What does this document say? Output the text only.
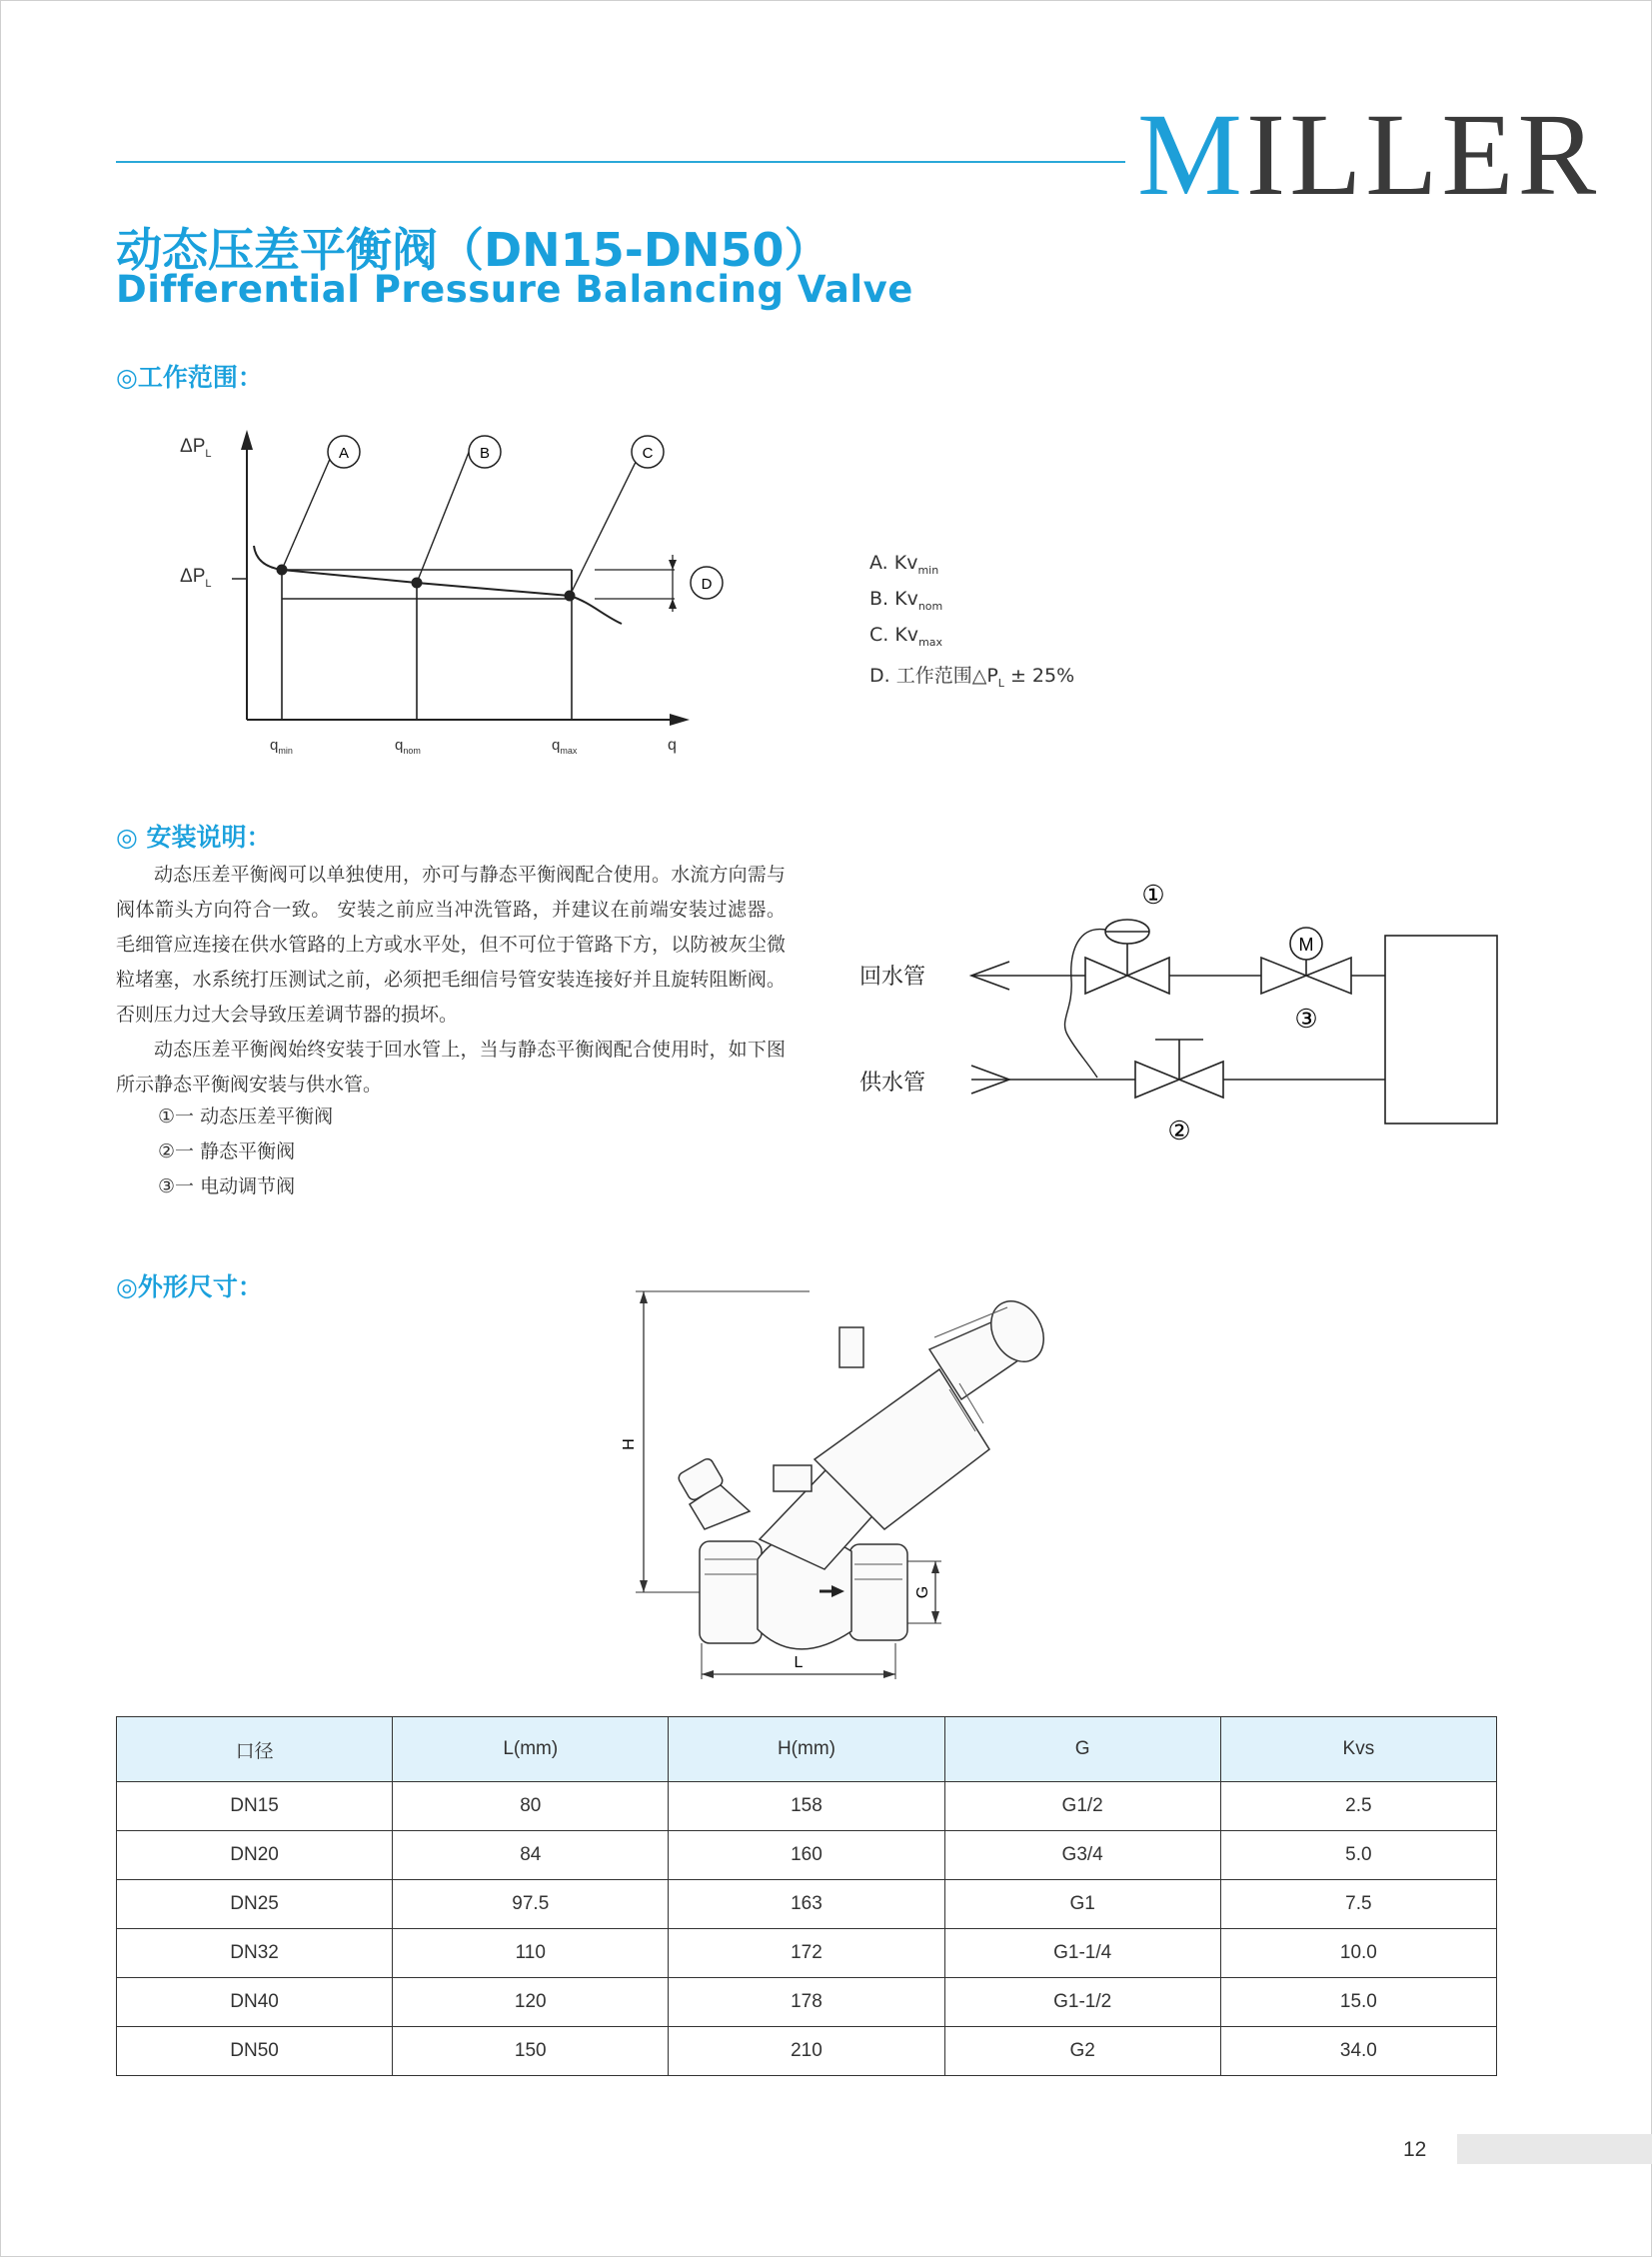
MILLER
动态压差平衡阀（DN15-DN50）
Differential Pressure Balancing Valve
◎工作范围：
$\Delta P_L$
$\Delta P_L$
A	B	C
D
$q_{min}$	$q_{nom}$	$q_{max}$	q
A. $Kv_{min}$
B. $Kv_{nom}$
C. $Kv_{max}$
D. 工作范围$\triangle P_L \pm 25\%$
◎ 安装说明：

动态压差平衡阀可以单独使用，亦可与静态平衡阀配合使用。水流方向需与阀体箭头方向符合一致。 安装之前应当冲洗管路，并建议在前端安装过滤器。毛细管应连接在供水管路的上方或水平处，但不可位于管路下方，以防被灰尘微粒堵塞，水系统打压测试之前，必须把毛细信号管安装连接好并且旋转阻断阀。 否则压力过大会导致压差调节器的损坏。

动态压差平衡阀始终安装于回水管上，当与静态平衡阀配合使用时，如下图所示静态平衡阀安装与供水管。

①一 动态压差平衡阀
②一 静态平衡阀
③一 电动调节阀
回水管
供水管
M
①
③
②
◎外形尺寸：
H
G
L
口径	L(mm)	H(mm)	G	Kvs
DN15	80	158	G1/2	2.5
DN20	84	160	G3/4	5.0
DN25	97.5	163	G1	7.5
DN32	110	172	G1-1/4	10.0
DN40	120	178	G1-1/2	15.0
DN50	150	210	G2	34.0
12
